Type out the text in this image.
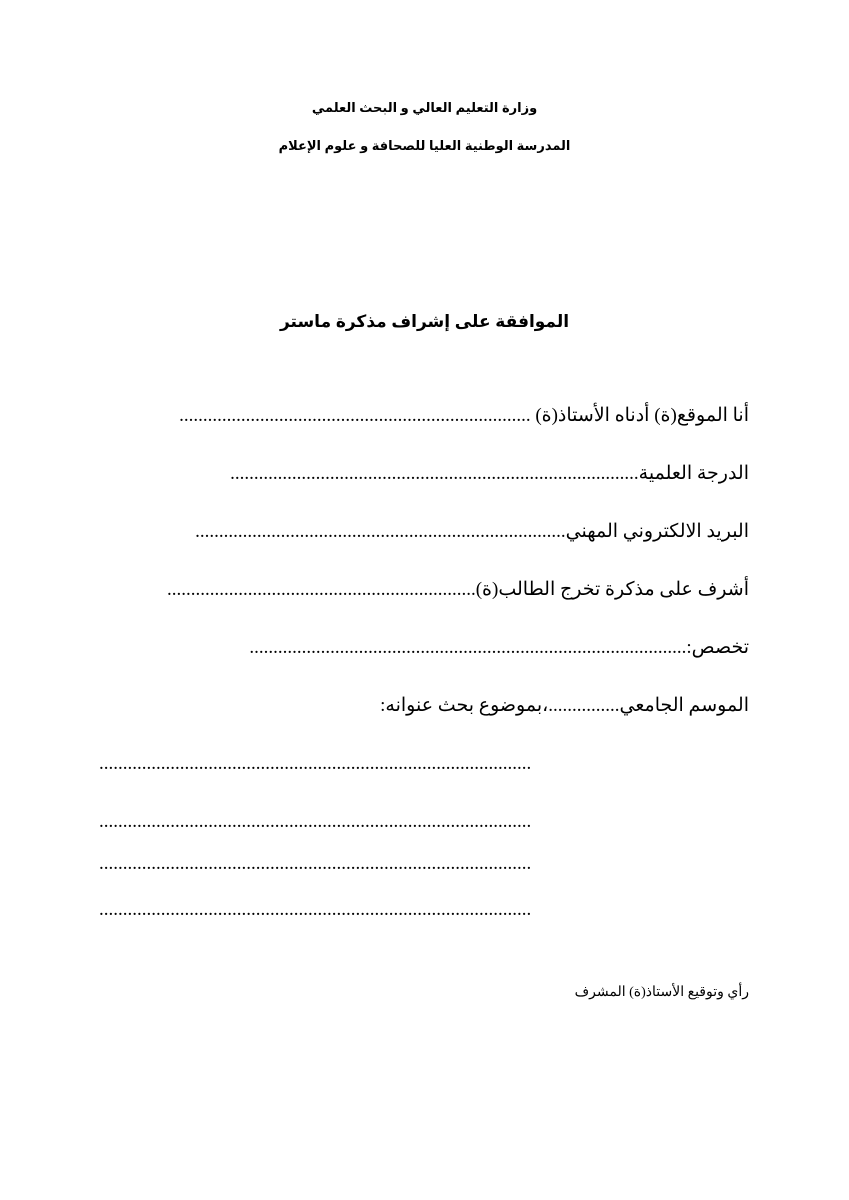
وزارة التعليم العالي و البحث العلمي
المدرسة الوطنية العليا للصحافة و علوم الإعلام
الموافقة على إشراف مذكرة ماستر
أنا الموقع(ة) أدناه الأستاذ(ة) ..........................................................................
الدرجة العلمية......................................................................................
البريد الالكتروني المهني..............................................................................
أشرف على مذكرة تخرج الطالب(ة).................................................................
تخصص:............................................................................................
الموسم الجامعي...............،بموضوع بحث عنوانه:
...........................................................................................
...........................................................................................
...........................................................................................
...........................................................................................
رأي وتوقيع الأستاذ(ة) المشرف
